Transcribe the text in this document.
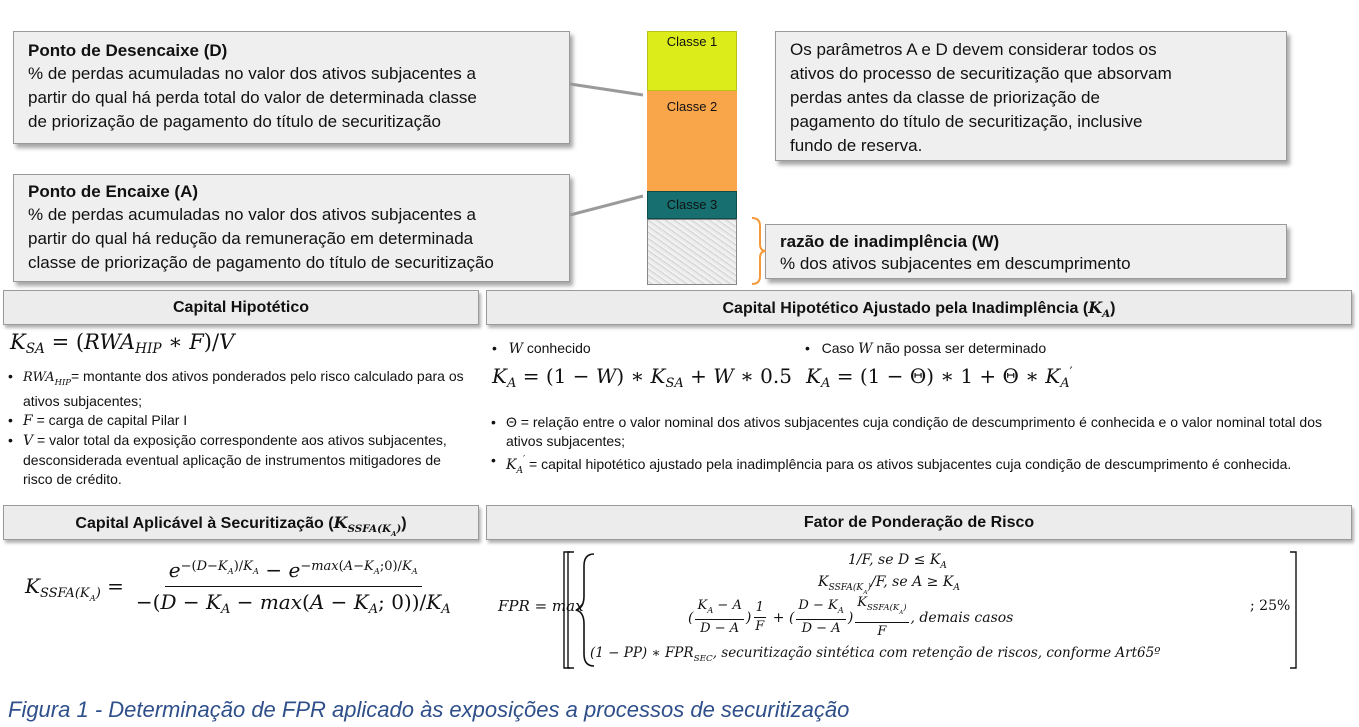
Ponto de Desencaixe (D)
% de perdas acumuladas no valor dos ativos subjacentes a
partir do qual há perda total do valor de determinada classe
de priorização de pagamento do título de securitização
Ponto de Encaixe (A)
% de perdas acumuladas no valor dos ativos subjacentes a
partir do qual há redução da remuneração em determinada
classe de priorização de pagamento do título de securitização
Os parâmetros A e D devem considerar todos os
ativos do processo de securitização que absorvam
perdas antes da classe de priorização de
pagamento do título de securitização, inclusive
fundo de reserva.
razão de inadimplência (W)
% dos ativos subjacentes em descumprimento
Classe 1
Classe 2
Classe 3
Capital Hipotético	Capital Hipotético Ajustado pela Inadimplência $(K_A)$
$K_{SA} = (RWA_{HIP}$ ∗ F)/V
• $RWA_{HIP}=$ montante dos ativos ponderados pelo risco calculado para os ativos subjacentes;
• F = carga de capital Pilar I
• V = valor total da exposição correspondente aos ativos subjacentes, desconsiderada eventual aplicação de instrumentos mitigadores de risco de crédito.
•   W conhecido	•   Caso W não possa ser determinado
$K_A = (1 - W)$ ∗ $K_{SA} + W$ ∗ 0.5 $K_A = (1 - \Theta)$ ∗ 1 + Θ ∗ $K_A'$
• Θ = relação entre o valor nominal dos ativos subjacentes cuja condição de descumprimento é conhecida e o valor nominal total dos ativos subjacentes;
• $K_A'$ = capital hipotético ajustado pela inadimplência para os ativos subjacentes cuja condição de descumprimento é conhecida.
Capital Aplicável à Securitização $(K_{SSFA(K_A)})$	Fator de Ponderação de Risco
$K_{SSFA(K_A)} = \frac{e^{-(D-K_A)/K_A} - e^{-max(A-K_A;0)/K_A}}{-(D - K_A - \max(A - K_A; 0))/K_A}$	FPR = max
1/F, se $D \le K_A$
$K_{SSFA(K_A)}/F$, se $A \ge K_A$
(
$K_A - A$
D − A
)
1
F
+ (
$D - K_A$
D − A
)
$K_{SSFA(K_A)}$
F
, demais casos
(1 − PP) ∗ $FPR_{SEC}$, securitização sintética com retenção de riscos, conforme Art65º
; 25%
Figura 1 - Determinação de FPR aplicado às exposições a processos de securitização
